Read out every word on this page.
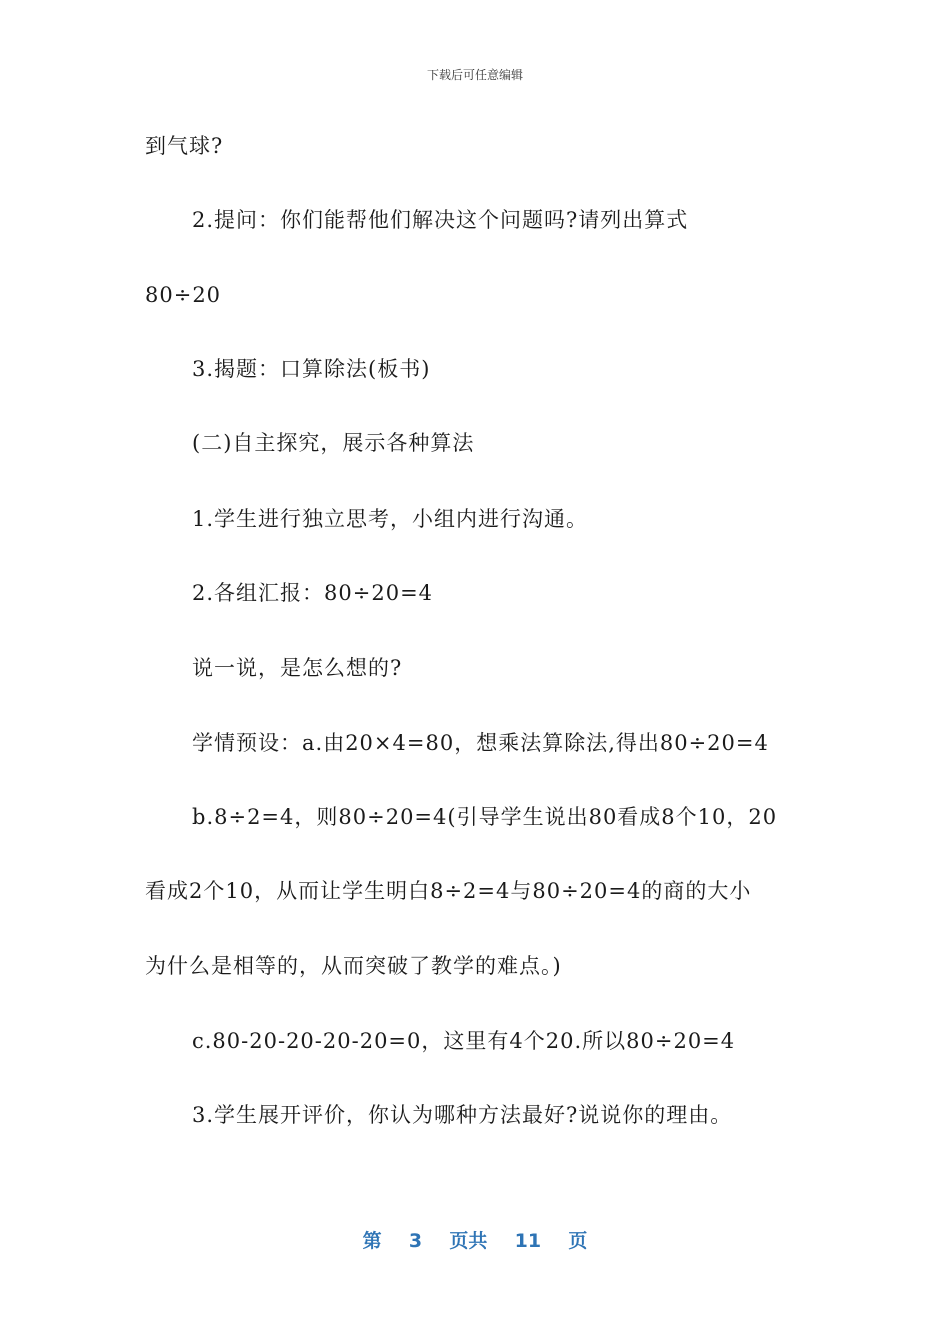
下载后可任意编辑
到气球?
2.提问：你们能帮他们解决这个问题吗?请列出算式
80÷20
3.揭题：口算除法(板书)
(二)自主探究，展示各种算法
1.学生进行独立思考，小组内进行沟通。
2.各组汇报：80÷20=4
说一说，是怎么想的?
学情预设：a.由20×4=80，想乘法算除法,得出80÷20=4
b.8÷2=4，则80÷20=4(引导学生说出80看成8个10，20
看成2个10，从而让学生明白8÷2=4与80÷20=4的商的大小
为什么是相等的，从而突破了教学的难点。)
c.80-20-20-20-20=0，这里有4个20.所以80÷20=4
3.学生展开评价，你认为哪种方法最好?说说你的理由。
第 3 页共 11 页
